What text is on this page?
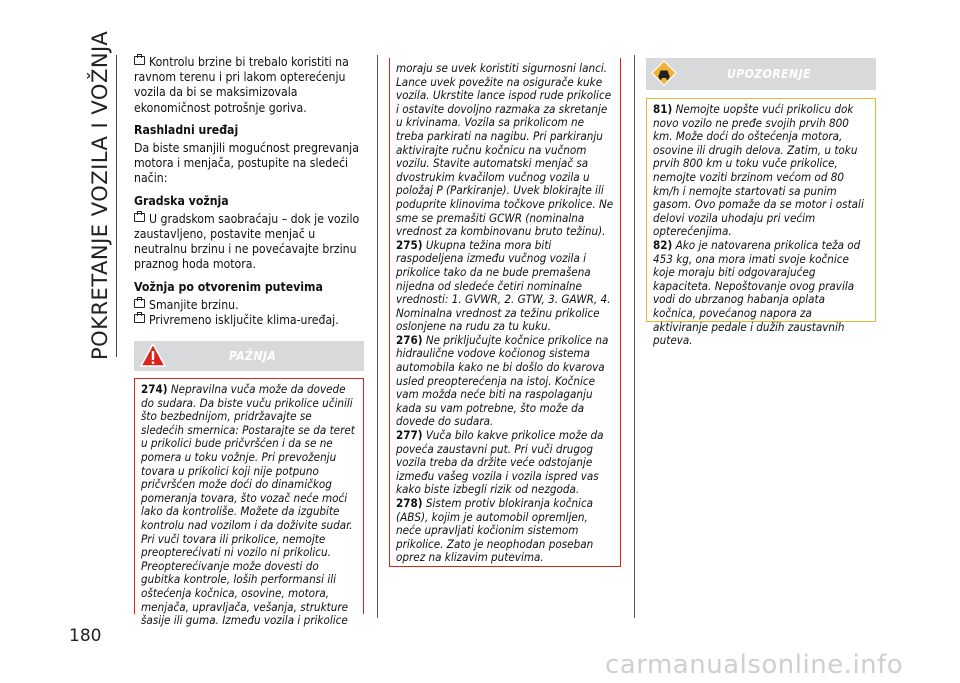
POKRETANJE VOZILA I VOŽNJA
180

Kontrolu brzine bi trebalo koristiti na ravnom terenu i pri lakom opterećenju vozila da bi se maksimizovala ekonomičnost potrošnje goriva.

Rashladni uređaj

Da biste smanjili mogućnost pregrevanja motora i menjača, postupite na sledeći način:

Gradska vožnja

U gradskom saobraćaju – dok je vozilo zaustavljeno, postavite menjač u neutralnu brzinu i ne povećavajte brzinu praznog hoda motora.

Vožnja po otvorenim putevima
Smanjite brzinu.
Privremeno isključite klima-uređaj.
PAŽNJA

274) Nepravilna vuča može da dovede do sudara. Da biste vuču prikolice učinili što bezbednijom, pridržavajte se sledećih smernica: Postarajte se da teret u prikolici bude pričvršćen i da se ne pomera u toku vožnje. Pri prevoženju tovara u prikolici koji nije potpuno pričvršćen može doći do dinamičkog pomeranja tovara, što vozač neće moći lako da kontroliše. Možete da izgubite kontrolu nad vozilom i da doživite sudar. Pri vuči tovara ili prikolice, nemojte preopterećivati ni vozilo ni prikolicu. Preopterećivanje može dovesti do gubitka kontrole, loših performansi ili oštećenja kočnica, osovine, motora, menjača, upravljača, vešanja, strukture šasije ili guma. Između vozila i prikolice

moraju se uvek koristiti sigurnosni lanci. Lance uvek povežite na osigurače kuke vozila. Ukrstite lance ispod rude prikolice i ostavite dovoljno razmaka za skretanje u krivinama. Vozila sa prikolicom ne treba parkirati na nagibu. Pri parkiranju aktivirajte ručnu kočnicu na vučnom vozilu. Stavite automatski menjač sa dvostrukim kvačilom vučnog vozila u položaj P (Parkiranje). Uvek blokirajte ili poduprite klinovima točkove prikolice. Ne sme se premašiti GCWR (nominalna vrednost za kombinovanu bruto težinu).

275) Ukupna težina mora biti raspodeljena između vučnog vozila i prikolice tako da ne bude premašena nijedna od sledeće četiri nominalne vrednosti: 1. GVWR, 2. GTW, 3. GAWR, 4. Nominalna vrednost za težinu prikolice oslonjene na rudu za tu kuku.

276) Ne priključujte kočnice prikolice na hidraulične vodove kočionog sistema automobila kako ne bi došlo do kvarova usled preopterećenja na istoj. Kočnice vam možda neće biti na raspolaganju kada su vam potrebne, što može da dovede do sudara.

277) Vuča bilo kakve prikolice može da poveća zaustavni put. Pri vuči drugog vozila treba da držite veće odstojanje između vašeg vozila i vozila ispred vas kako biste izbegli rizik od nezgoda.

278) Sistem protiv blokiranja kočnica (ABS), kojim je automobil opremljen, neće upravljati kočionim sistemom prikolice. Zato je neophodan poseban oprez na klizavim putevima.

UPOZORENJE

81) Nemojte uopšte vući prikolicu dok novo vozilo ne pređe svojih prvih 800 km. Može doći do oštećenja motora, osovine ili drugih delova. Zatim, u toku prvih 800 km u toku vuče prikolice, nemojte voziti brzinom većom od 80 km/h i nemojte startovati sa punim gasom. Ovo pomaže da se motor i ostali delovi vozila uhodaju pri većim opterećenjima.

82) Ako je natovarena prikolica teža od 453 kg, ona mora imati svoje kočnice koje moraju biti odgovarajućeg kapaciteta. Nepoštovanje ovog pravila vodi do ubrzanog habanja oplata kočnica, povećanog napora za aktiviranje pedale i dužih zaustavnih puteva.

carmanualsonline.info
